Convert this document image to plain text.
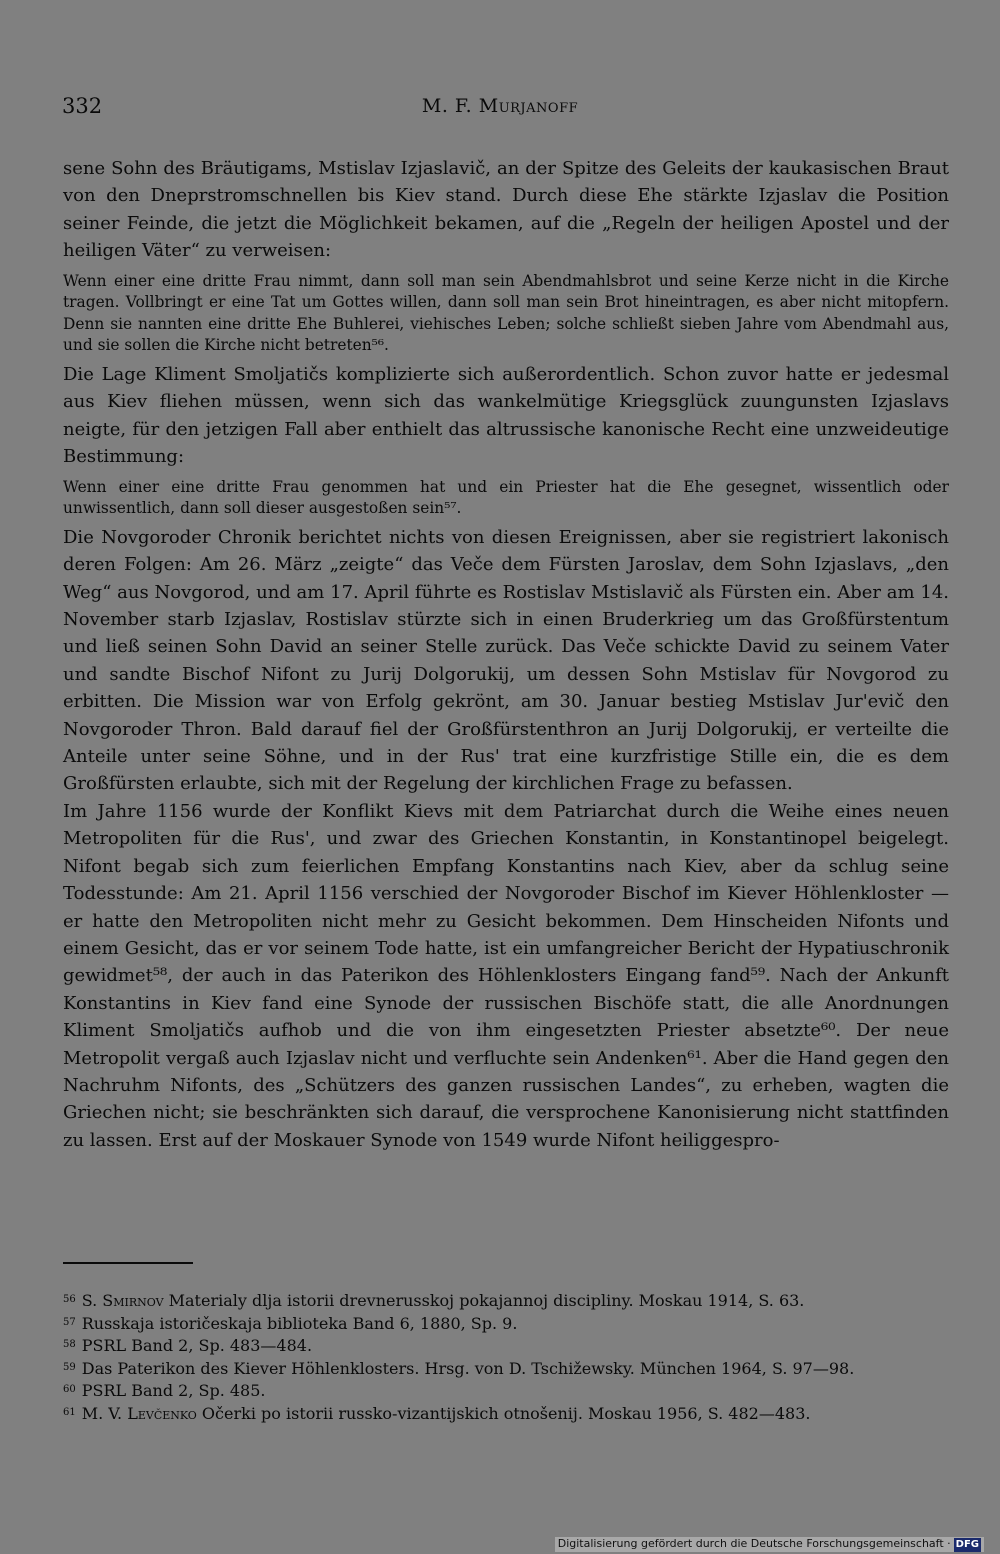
332	M. F. Murjanoff

sene Sohn des Bräutigams, Mstislav Izjaslavič, an der Spitze des Geleits der kaukasischen Braut von den Dneprstromschnellen bis Kiev stand. Durch diese Ehe stärkte Izjaslav die Position seiner Feinde, die jetzt die Möglichkeit bekamen, auf die „Regeln der heiligen Apostel und der heiligen Väter“ zu verweisen:

Wenn einer eine dritte Frau nimmt, dann soll man sein Abendmahlsbrot und seine Kerze nicht in die Kirche tragen. Vollbringt er eine Tat um Gottes willen, dann soll man sein Brot hineintragen, es aber nicht mitopfern. Denn sie nannten eine dritte Ehe Buhlerei, viehisches Leben; solche schließt sieben Jahre vom Abendmahl aus, und sie sollen die Kirche nicht betreten⁵⁶.

Die Lage Kliment Smoljatičs komplizierte sich außerordentlich. Schon zuvor hatte er jedesmal aus Kiev fliehen müssen, wenn sich das wankelmütige Kriegsglück zuungunsten Izjaslavs neigte, für den jetzigen Fall aber enthielt das altrussische kanonische Recht eine unzweideutige Bestimmung:

Wenn einer eine dritte Frau genommen hat und ein Priester hat die Ehe gesegnet, wissentlich oder unwissentlich, dann soll dieser ausgestoßen sein⁵⁷.

Die Novgoroder Chronik berichtet nichts von diesen Ereignissen, aber sie registriert lakonisch deren Folgen: Am 26. März „zeigte“ das Veče dem Fürsten Jaroslav, dem Sohn Izjaslavs, „den Weg“ aus Novgorod, und am 17. April führte es Rostislav Mstislavič als Fürsten ein. Aber am 14. November starb Izjaslav, Rostislav stürzte sich in einen Bruderkrieg um das Großfürstentum und ließ seinen Sohn David an seiner Stelle zurück. Das Veče schickte David zu seinem Vater und sandte Bischof Nifont zu Jurij Dolgorukij, um dessen Sohn Mstislav für Novgorod zu erbitten. Die Mission war von Erfolg gekrönt, am 30. Januar bestieg Mstislav Jur'evič den Novgoroder Thron. Bald darauf fiel der Großfürstenthron an Jurij Dolgorukij, er verteilte die Anteile unter seine Söhne, und in der Rus' trat eine kurzfristige Stille ein, die es dem Großfürsten erlaubte, sich mit der Regelung der kirchlichen Frage zu befassen.

Im Jahre 1156 wurde der Konflikt Kievs mit dem Patriarchat durch die Weihe eines neuen Metropoliten für die Rus', und zwar des Griechen Konstantin, in Konstantinopel beigelegt. Nifont begab sich zum feierlichen Empfang Konstantins nach Kiev, aber da schlug seine Todesstunde: Am 21. April 1156 verschied der Novgoroder Bischof im Kiever Höhlenkloster — er hatte den Metropoliten nicht mehr zu Gesicht bekommen. Dem Hinscheiden Nifonts und einem Gesicht, das er vor seinem Tode hatte, ist ein umfangreicher Bericht der Hypatiuschronik gewidmet⁵⁸, der auch in das Paterikon des Höhlenklosters Eingang fand⁵⁹. Nach der Ankunft Konstantins in Kiev fand eine Synode der russischen Bischöfe statt, die alle Anordnungen Kliment Smoljatičs aufhob und die von ihm eingesetzten Priester absetzte⁶⁰. Der neue Metropolit vergaß auch Izjaslav nicht und verfluchte sein Andenken⁶¹. Aber die Hand gegen den Nachruhm Nifonts, des „Schützers des ganzen russischen Landes“, zu erheben, wagten die Griechen nicht; sie beschränkten sich darauf, die versprochene Kanonisierung nicht stattfinden zu lassen. Erst auf der Moskauer Synode von 1549 wurde Nifont heiliggespro-

$^{56}$ S. Smirnov Materialy dlja istorii drevnerusskoj pokajannoj discipliny. Moskau 1914, S. 63.

$^{57}$ Russkaja istoričeskaja biblioteka Band 6, 1880, Sp. 9.

$^{58}$ PSRL Band 2, Sp. 483—484.

$^{59}$ Das Paterikon des Kiever Höhlenklosters. Hrsg. von D. Tschižewsky. München 1964, S. 97—98.

$^{60}$ PSRL Band 2, Sp. 485.

$^{61}$ M. V. Levčenko Očerki po istorii russko-vizantijskich otnošenij. Moskau 1956, S. 482—483.

Digitalisierung gefördert durch die Deutsche Forschungsgemeinschaft · DFG
